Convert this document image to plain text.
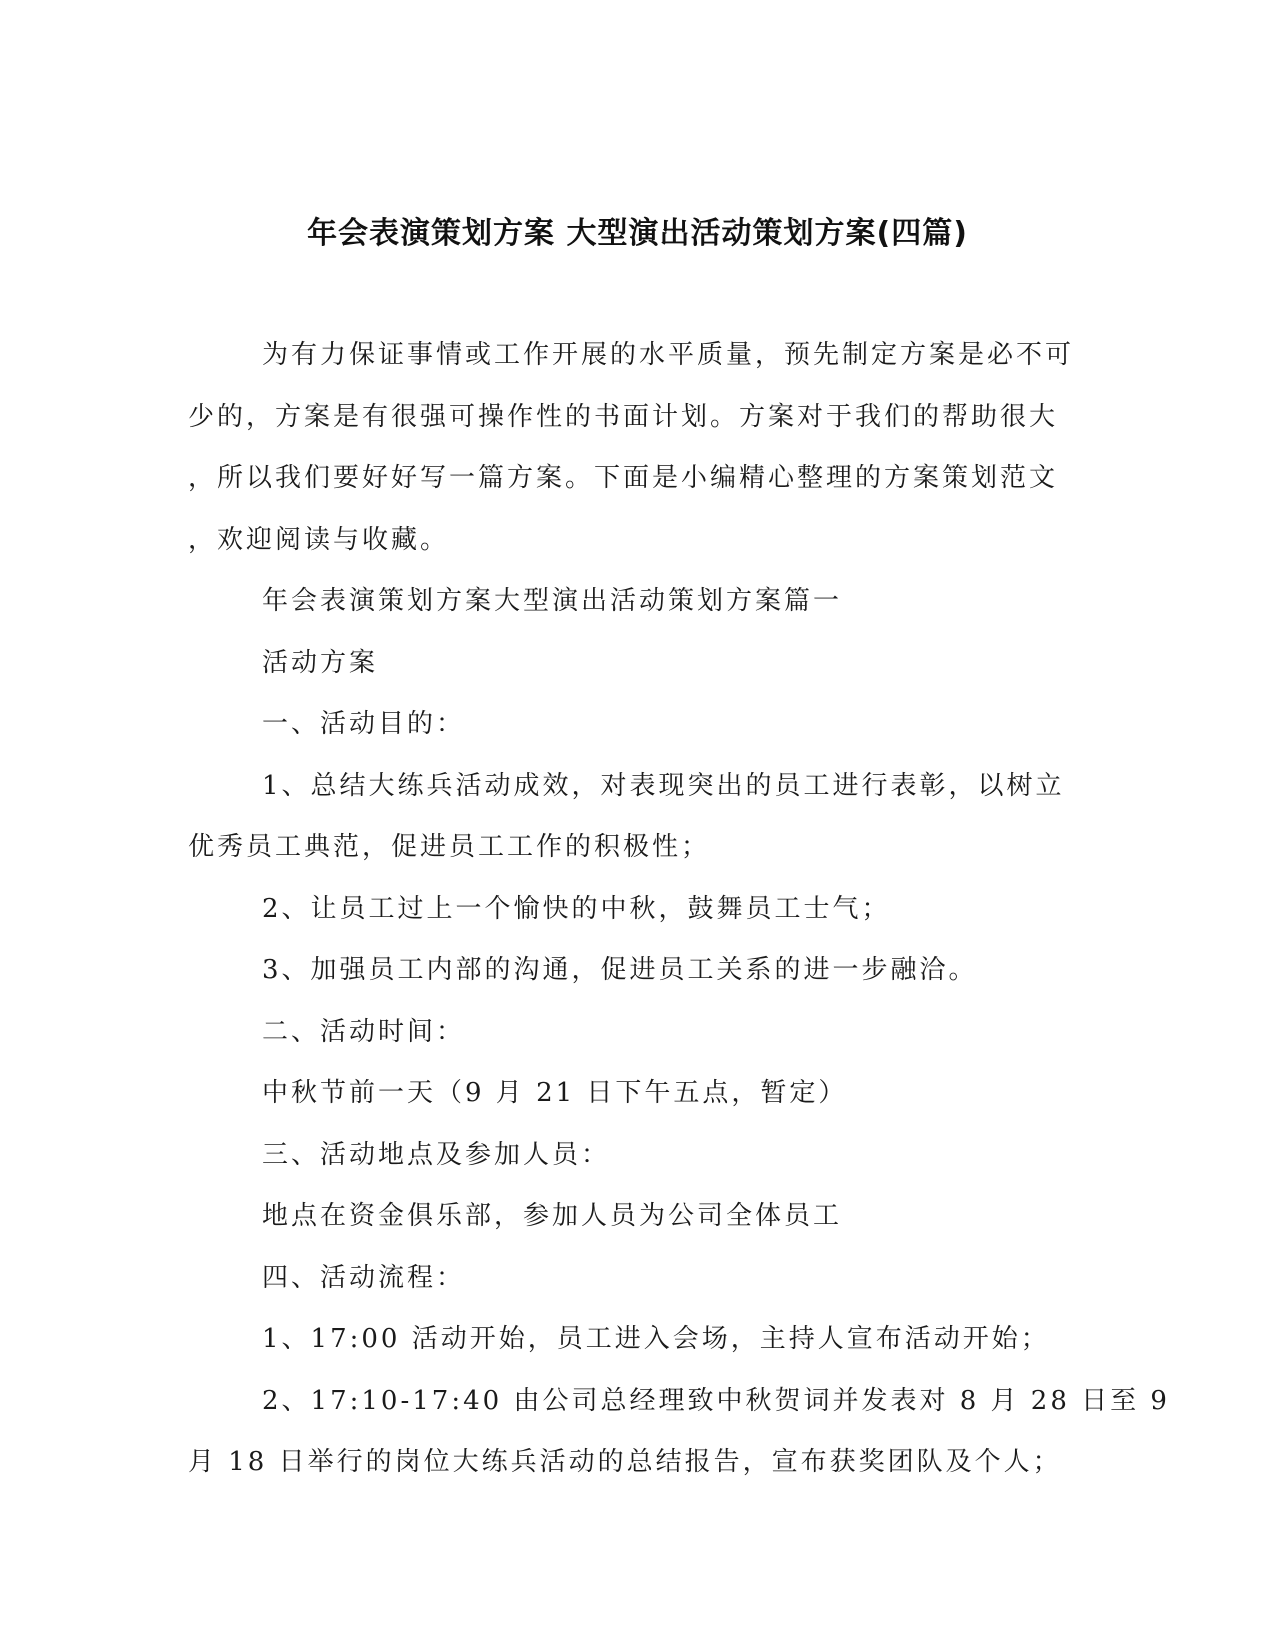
年会表演策划方案 大型演出活动策划方案(四篇)
为有力保证事情或工作开展的水平质量，预先制定方案是必不可
少的，方案是有很强可操作性的书面计划。方案对于我们的帮助很大
，所以我们要好好写一篇方案。下面是小编精心整理的方案策划范文
，欢迎阅读与收藏。
年会表演策划方案大型演出活动策划方案篇一
活动方案
一、活动目的：
1、总结大练兵活动成效，对表现突出的员工进行表彰，以树立
优秀员工典范，促进员工工作的积极性；
2、让员工过上一个愉快的中秋，鼓舞员工士气；
3、加强员工内部的沟通，促进员工关系的进一步融洽。
二、活动时间：
中秋节前一天（9 月 21 日下午五点，暂定）
三、活动地点及参加人员：
地点在资金俱乐部，参加人员为公司全体员工
四、活动流程：
1、17:00 活动开始，员工进入会场，主持人宣布活动开始；
2、17:10-17:40 由公司总经理致中秋贺词并发表对 8 月 28 日至 9
月 18 日举行的岗位大练兵活动的总结报告，宣布获奖团队及个人；
